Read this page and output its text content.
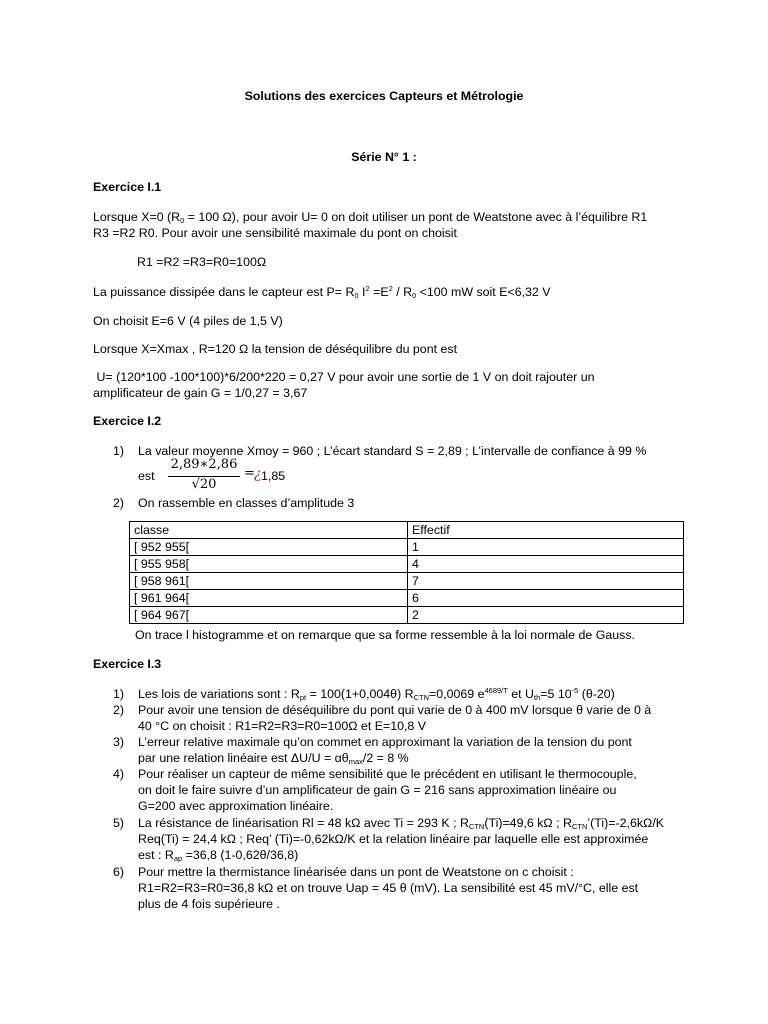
Solutions des exercices Capteurs et Métrologie
Série N° 1 :
Exercice I.1
Lorsque X=0 ($R_0 = 100$ Ω), pour avoir U= 0 on doit utiliser un pont de Weatstone avec à l’équilibre R1
R3 =R2 R0. Pour avoir une sensibilité maximale du pont on choisit
R1 =R2 =R3=R0=100Ω
La puissance dissipée dans le capteur est $P= R_0$ $I^2 =E^2 / R_0 <100$ mW soit E<6,32 V
On choisit E=6 V (4 piles de 1,5 V)
Lorsque X=Xmax , R=120 Ω la tension de déséquilibre du pont est
U= (120*100 -100*100)*6/200*220 = 0,27 V pour avoir une sortie de 1 V on doit rajouter un
amplificateur de gain G = 1/0,27 = 3,67
Exercice I.2
1) La valeur moyenne Xmoy = 960 ; L’écart standard S = 2,89 ; L’intervalle de confiance à 99 %
est
2,89∗2,86
√20
= ¿ 1,85
2) On rassemble en classes d’amplitude 3
classe	Effectif
[ 952 955[	1
[ 955 958[	4
[ 958 961[	7
[ 961 964[	6
[ 964 967[	2
On trace l histogramme et on remarque que sa forme ressemble à la loi normale de Gauss.
Exercice I.3
1) Les lois de variations sont : $R_{pt} = 100(1+0,004\theta)$ $R_{CTN}=0,0069$ $e^{4689/T}$ et $U_{th}=5$ $10^{-5}$ (θ-20)
2) Pour avoir une tension de déséquilibre du pont qui varie de 0 à 400 mV lorsque θ varie de 0 à
40 °C on choisit : R1=R2=R3=R0=100Ω et E=10,8 V
3) L’erreur relative maximale qu’on commet en approximant la variation de la tension du pont
par une relation linéaire est $\Delta U/U = \alpha\theta_{max}/2 = 8$ %
4) Pour réaliser un capteur de même sensibilité que le précédent en utilisant le thermocouple,
on doit le faire suivre d’un amplificateur de gain G = 216 sans approximation linéaire ou
G=200 avec approximation linéaire.
5) La résistance de linéarisation Rl = 48 kΩ avec Ti = 293 K ; $R_{CTN}(Ti)=49,6$ kΩ ; $R_{CTN}’(Ti)=-2,6k\Omega/K$
Req(Ti) = 24,4 kΩ ; Req’ (Ti)=-0,62kΩ/K et la relation linéaire par laquelle elle est approximée
est : $R_{ap} =36,8$ (1-0,62θ/36,8)
6) Pour mettre la thermistance linéarisée dans un pont de Weatstone on c choisit :
R1=R2=R3=R0=36,8 kΩ et on trouve Uap = 45 θ (mV). La sensibilité est 45 mV/°C, elle est
plus de 4 fois supérieure .
